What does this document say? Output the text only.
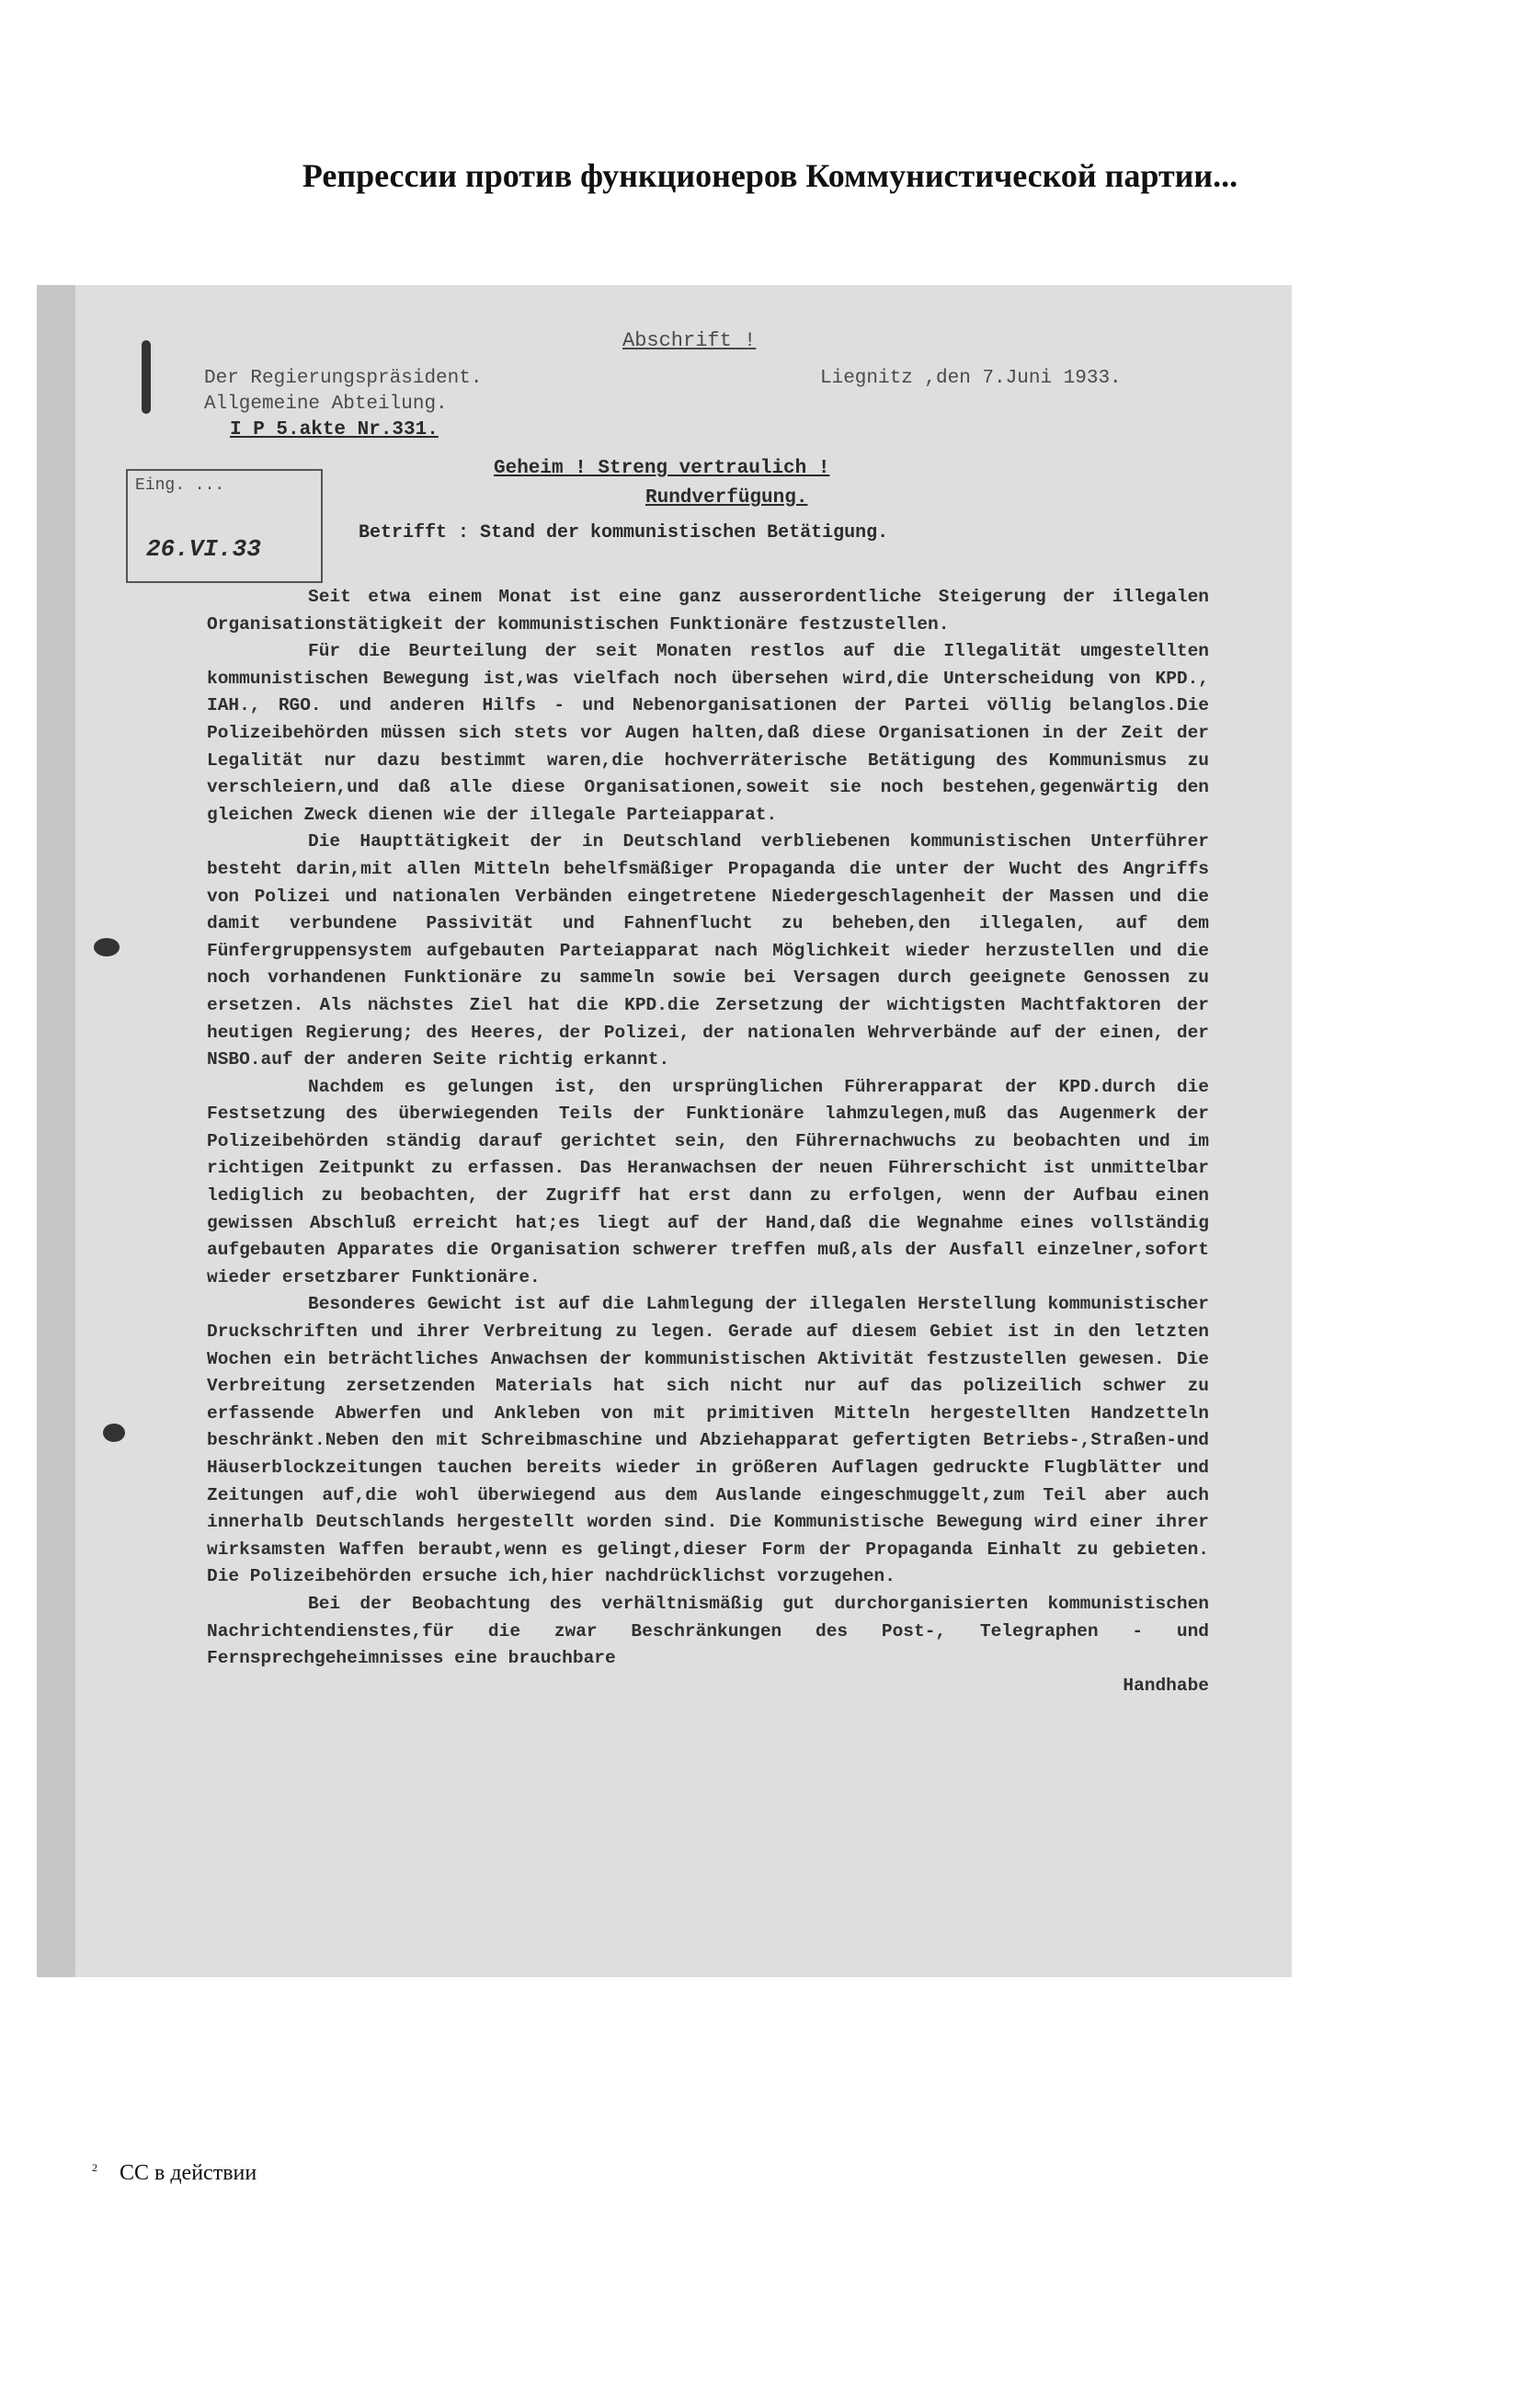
Репрессии против функционеров Коммунистической партии...
Abschrift !
Der Regierungspräsident.
Allgemeine Abteilung.
I P 5.akte Nr.331.
Liegnitz ,den 7.Juni 1933.
Geheim ! Streng vertraulich !
Rundverfügung.
Betrifft : Stand der kommunistischen Betätigung.
Eing. ...
26.VI.33

Seit etwa einem Monat ist eine ganz ausserordentliche Steigerung der illegalen Organisationstätigkeit der kommunistischen Funktionäre festzustellen.

Für die Beurteilung der seit Monaten restlos auf die Illegalität umgestellten kommunistischen Bewegung ist,was vielfach noch übersehen wird,die Unterscheidung von KPD., IAH., RGO. und anderen Hilfs - und Nebenorganisationen der Partei völlig belanglos.Die Polizeibehörden müssen sich stets vor Augen halten,daß diese Organisationen in der Zeit der Legalität nur dazu bestimmt waren,die hochverräterische Betätigung des Kommunismus zu verschleiern,und daß alle diese Organisationen,soweit sie noch bestehen,gegenwärtig den gleichen Zweck dienen wie der illegale Parteiapparat.

Die Haupttätigkeit der in Deutschland verbliebenen kommunistischen Unterführer besteht darin,mit allen Mitteln behelfsmäßiger Propaganda die unter der Wucht des Angriffs von Polizei und nationalen Verbänden eingetretene Niedergeschlagenheit der Massen und die damit verbundene Passivität und Fahnenflucht zu beheben,den illegalen, auf dem Fünfergruppensystem aufgebauten Parteiapparat nach Möglichkeit wieder herzustellen und die noch vorhandenen Funktionäre zu sammeln sowie bei Versagen durch geeignete Genossen zu ersetzen. Als nächstes Ziel hat die KPD.die Zersetzung der wichtigsten Machtfaktoren der heutigen Regierung; des Heeres, der Polizei, der nationalen Wehrverbände auf der einen, der NSBO.auf der anderen Seite richtig erkannt.

Nachdem es gelungen ist, den ursprünglichen Führerapparat der KPD.durch die Festsetzung des überwiegenden Teils der Funktionäre lahmzulegen,muß das Augenmerk der Polizeibehörden ständig darauf gerichtet sein, den Führernachwuchs zu beobachten und im richtigen Zeitpunkt zu erfassen. Das Heranwachsen der neuen Führerschicht ist unmittelbar lediglich zu beobachten, der Zugriff hat erst dann zu erfolgen, wenn der Aufbau einen gewissen Abschluß erreicht hat;es liegt auf der Hand,daß die Wegnahme eines vollständig aufgebauten Apparates die Organisation schwerer treffen muß,als der Ausfall einzelner,sofort wieder ersetzbarer Funktionäre.

Besonderes Gewicht ist auf die Lahmlegung der illegalen Herstellung kommunistischer Druckschriften und ihrer Verbreitung zu legen. Gerade auf diesem Gebiet ist in den letzten Wochen ein beträchtliches Anwachsen der kommunistischen Aktivität festzustellen gewesen. Die Verbreitung zersetzenden Materials hat sich nicht nur auf das polizeilich schwer zu erfassende Abwerfen und Ankleben von mit primitiven Mitteln hergestellten Handzetteln beschränkt.Neben den mit Schreibmaschine und Abziehapparat gefertigten Betriebs-,Straßen-und Häuserblockzeitungen tauchen bereits wieder in größeren Auflagen gedruckte Flugblätter und Zeitungen auf,die wohl überwiegend aus dem Auslande eingeschmuggelt,zum Teil aber auch innerhalb Deutschlands hergestellt worden sind. Die Kommunistische Bewegung wird einer ihrer wirksamsten Waffen beraubt,wenn es gelingt,dieser Form der Propaganda Einhalt zu gebieten. Die Polizeibehörden ersuche ich,hier nachdrücklichst vorzugehen.

Bei der Beobachtung des verhältnismäßig gut durchorganisierten kommunistischen Nachrichtendienstes,für die zwar Beschränkungen des Post-, Telegraphen - und Fernsprechgeheimnisses eine brauchbare

Handhabe
$^2$ СС в действии
